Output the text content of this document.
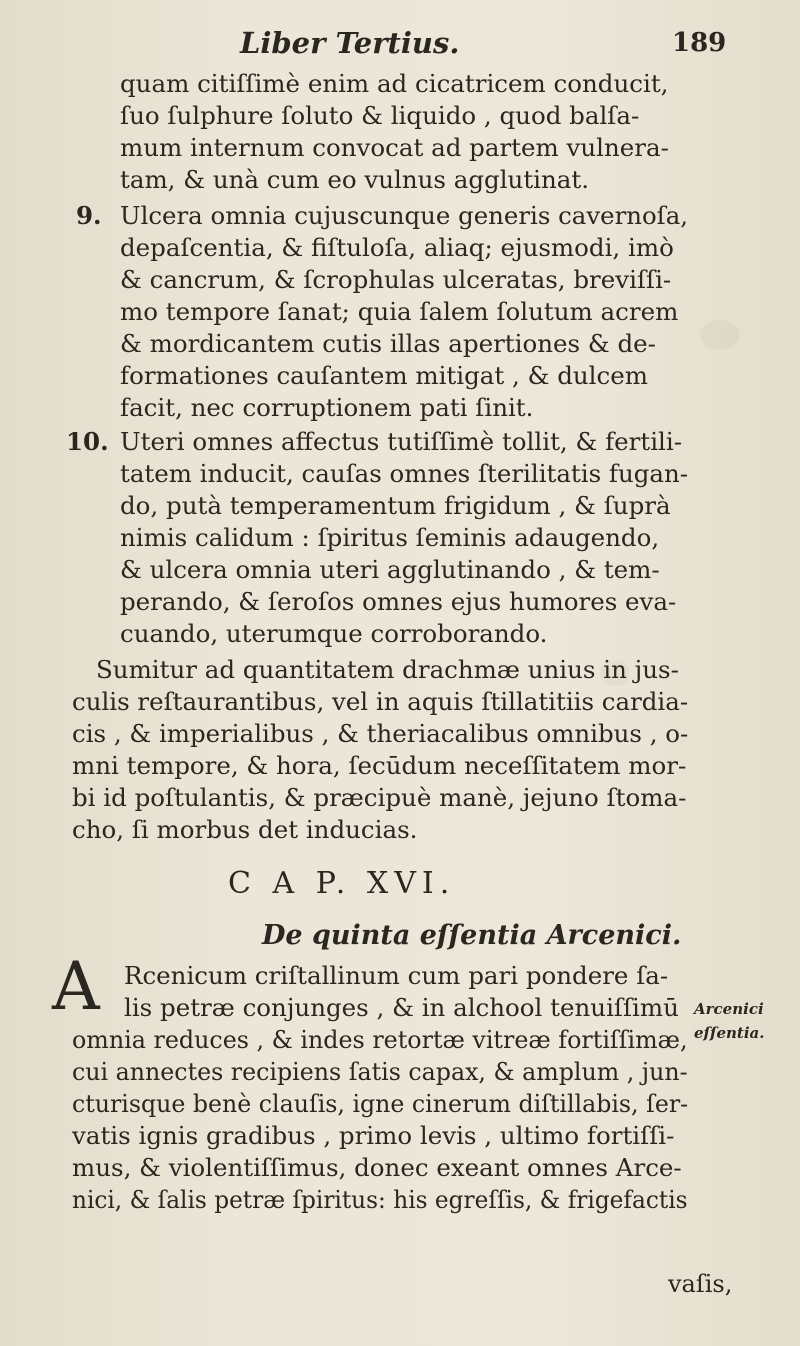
Liber Tertius.	189
quam citiſſimè enim ad cicatricem conducit,
ſuo ſulphure ſoluto & liquido , quod balſa-
mum internum convocat ad partem vulnera-
tam, & unà cum eo vulnus agglutinat.
9. Ulcera omnia cujuscunque generis cavernoſa,
depaſcentia, & fiſtuloſa, aliaq; ejusmodi, imò
& cancrum, & ſcrophulas ulceratas, breviſſi-
mo tempore ſanat; quia ſalem ſolutum acrem
& mordicantem cutis illas apertiones & de-
formationes cauſantem mitigat , & dulcem
facit, nec corruptionem pati ſinit.
10. Uteri omnes affectus tutiſſimè tollit, & fertili-
tatem inducit, cauſas omnes ſterilitatis fugan-
do, putà temperamentum frigidum , & ſuprà
nimis calidum : ſpiritus ſeminis adaugendo,
& ulcera omnia uteri agglutinando , & tem-
perando, & ſeroſos omnes ejus humores eva-
cuando, uterumque corroborando.
Sumitur ad quantitatem drachmæ unius in jus-
culis reſtaurantibus, vel in aquis ſtillatitiis cardia-
cis , & imperialibus , & theriacalibus omnibus , o-
mni tempore, & hora, ſecūdum neceſſitatem mor-
bi id poſtulantis, & præcipuè manè, jejuno ſtoma-
cho, ſi morbus det inducias.
C A P. XVI.
De quinta eſſentia Arcenici.
A Rcenicum criſtallinum cum pari pondere ſa-
lis petræ conjunges , & in alchool tenuiſſimū
omnia reduces , & indes retortæ vitreæ fortiſſimæ,
cui annectes recipiens ſatis capax, & amplum , jun-
cturisque benè clauſis, igne cinerum diſtillabis, ſer-
vatis ignis gradibus , primo levis , ultimo fortiſſi-
mus, & violentiſſimus, donec exeant omnes Arce-
nici, & ſalis petræ ſpiritus: his egreſſis, & frigefactis
vaſis,
Arcenici
eſſentia.
